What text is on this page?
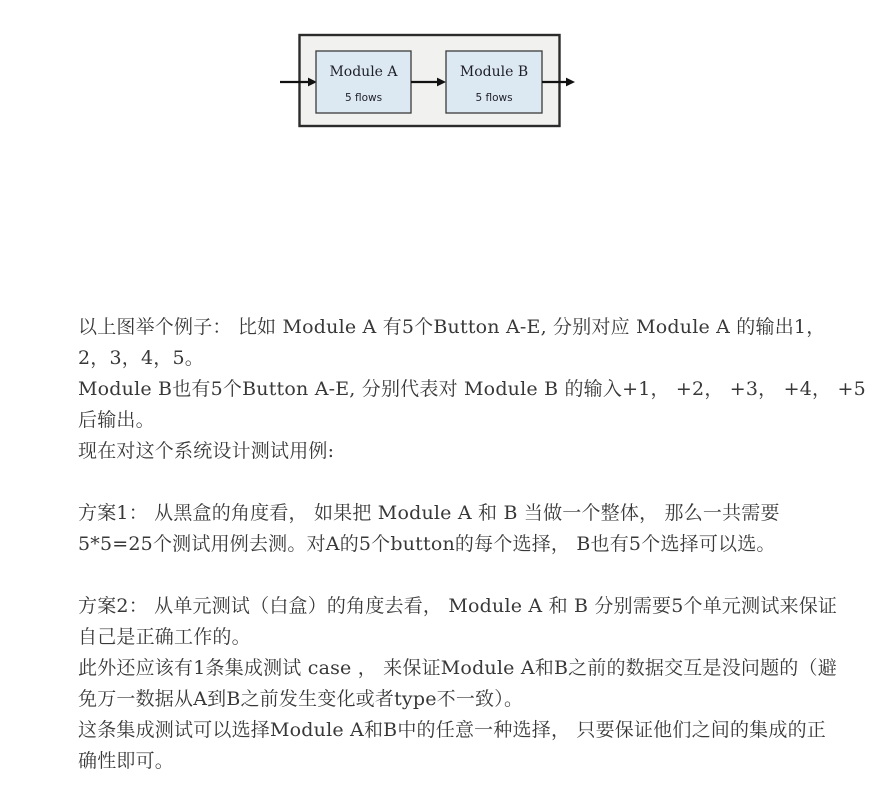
Module A
5 flows
Module B
5 flows
以上图举个例子： 比如 Module A 有5个Button A-E, 分别对应 Module A 的输出1，
2，3，4，5。
Module B也有5个Button A-E, 分别代表对 Module B 的输入+1， +2， +3， +4， +5
后输出。
现在对这个系统设计测试用例:
方案1： 从黑盒的角度看， 如果把 Module A 和 B 当做一个整体， 那么一共需要
5*5=25个测试用例去测。对A的5个button的每个选择， B也有5个选择可以选。
方案2： 从单元测试（白盒）的角度去看， Module A 和 B 分别需要5个单元测试来保证
自己是正确工作的。
此外还应该有1条集成测试 case ， 来保证Module A和B之前的数据交互是没问题的（避
免万一数据从A到B之前发生变化或者type不一致）。
这条集成测试可以选择Module A和B中的任意一种选择， 只要保证他们之间的集成的正
确性即可。
